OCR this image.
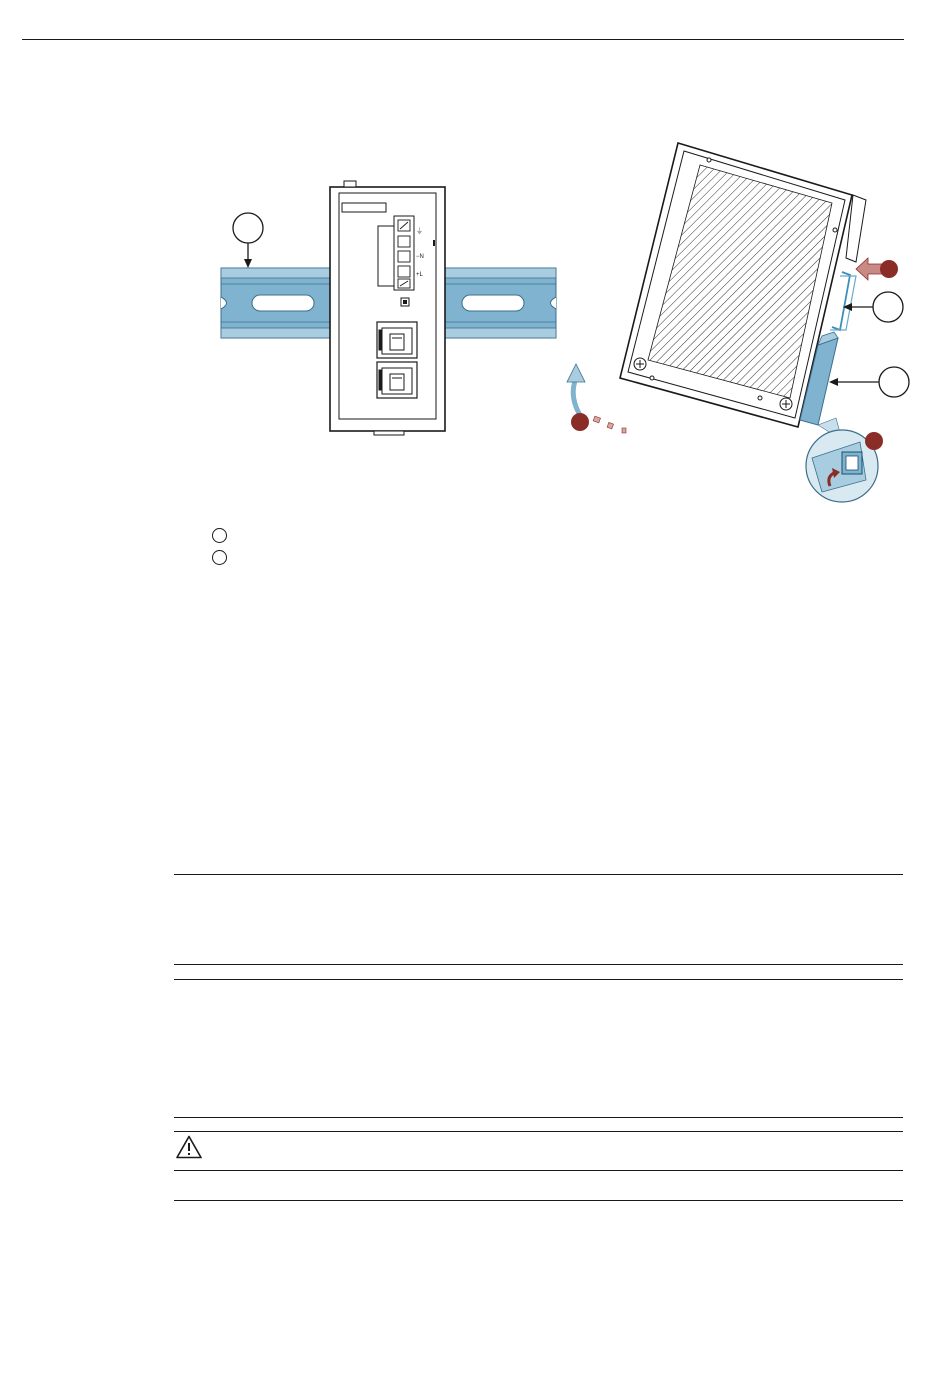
⏚
−N
+L
